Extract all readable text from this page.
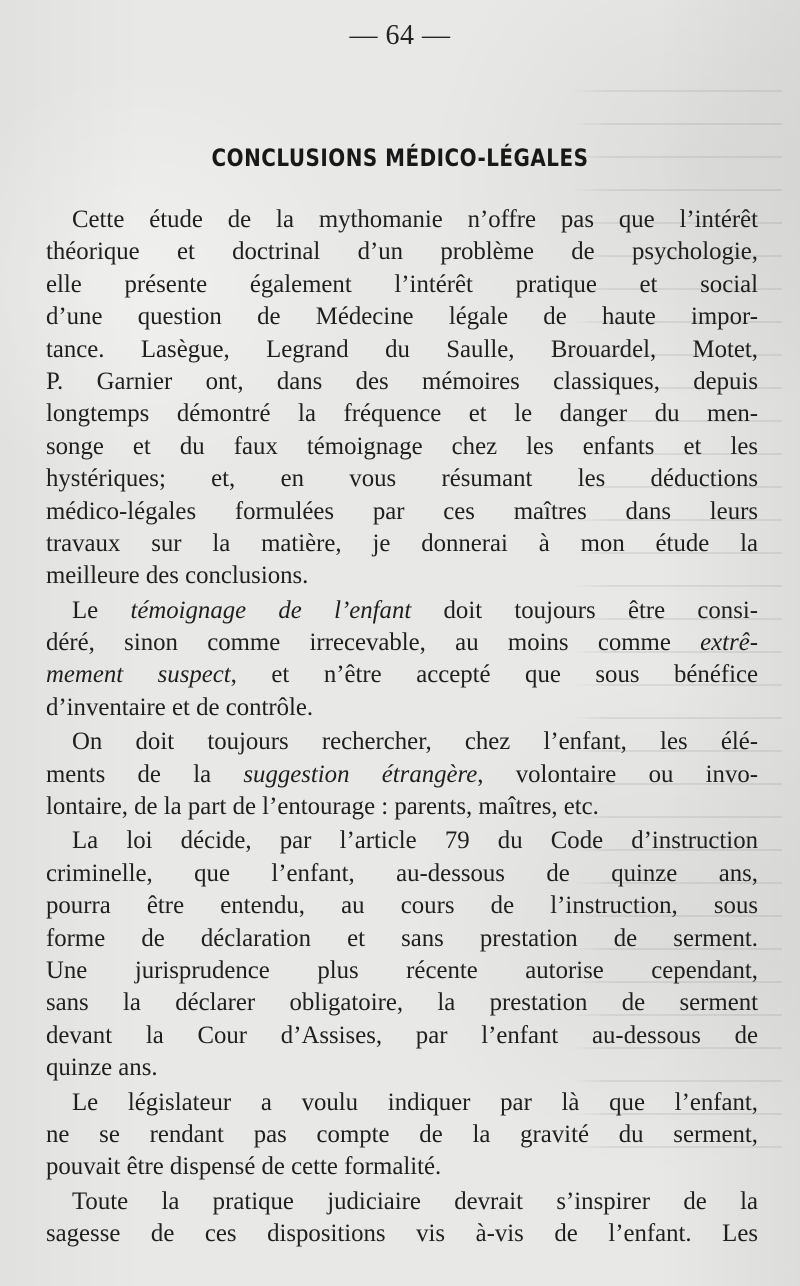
— 64 —
CONCLUSIONS MÉDICO-LÉGALES
Cette étude de la mythomanie n’offre pas que l’intérêt
théorique et doctrinal d’un problème de psychologie,
elle présente également l’intérêt pratique et social
d’une question de Médecine légale de haute impor-
tance. Lasègue, Legrand du Saulle, Brouardel, Motet,
P. Garnier ont, dans des mémoires classiques, depuis
longtemps démontré la fréquence et le danger du men-
songe et du faux témoignage chez les enfants et les
hystériques; et, en vous résumant les déductions
médico-légales formulées par ces maîtres dans leurs
travaux sur la matière, je donnerai à mon étude la
meilleure des conclusions.
Le témoignage de l’enfant doit toujours être consi-
déré, sinon comme irrecevable, au moins comme extrê-
mement suspect, et n’être accepté que sous bénéfice
d’inventaire et de contrôle.
On doit toujours rechercher, chez l’enfant, les élé-
ments de la suggestion étrangère, volontaire ou invo-
lontaire, de la part de l’entourage : parents, maîtres, etc.
La loi décide, par l’article 79 du Code d’instruction
criminelle, que l’enfant, au-dessous de quinze ans,
pourra être entendu, au cours de l’instruction, sous
forme de déclaration et sans prestation de serment.
Une jurisprudence plus récente autorise cependant,
sans la déclarer obligatoire, la prestation de serment
devant la Cour d’Assises, par l’enfant au-dessous de
quinze ans.
Le législateur a voulu indiquer par là que l’enfant,
ne se rendant pas compte de la gravité du serment,
pouvait être dispensé de cette formalité.
Toute la pratique judiciaire devrait s’inspirer de la
sagesse de ces dispositions vis à-vis de l’enfant. Les
